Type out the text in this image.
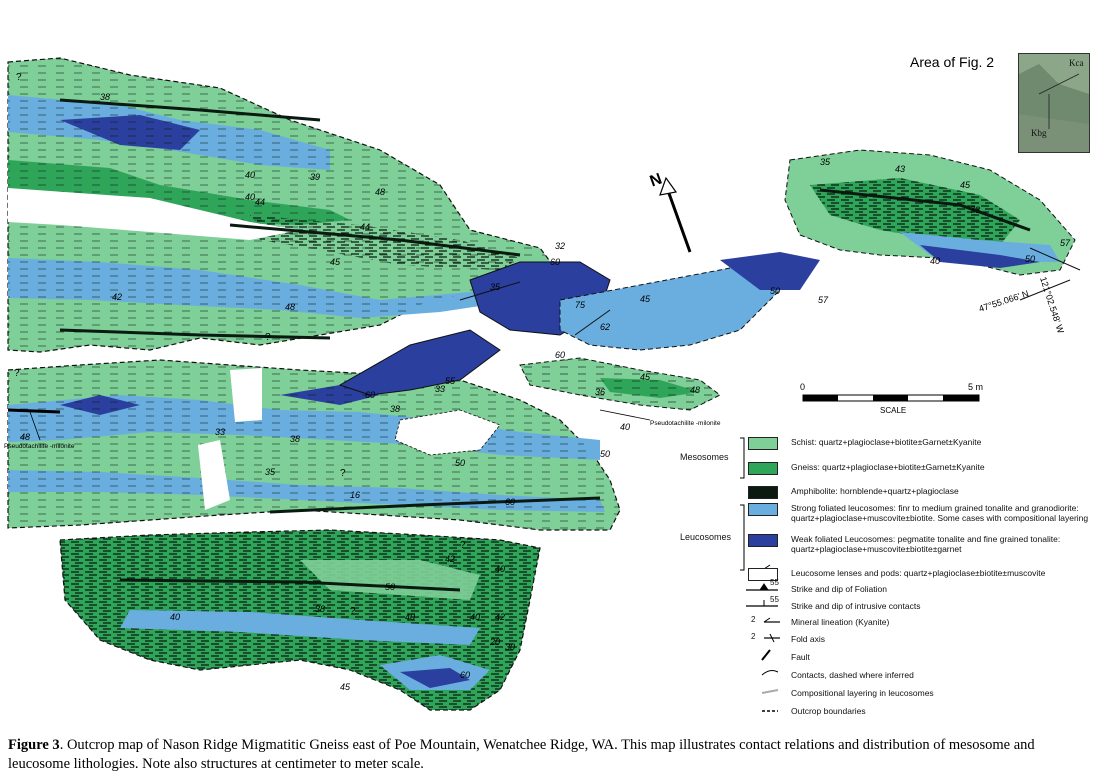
N
47°55.066' N 121°02.548' W
Pseudotachilite -milonite
Pseudotachilite -milonite
38
40	39
44
40	48
44
32
45
48
35
60
75
62
45
50
57
35
43
45
73
57
40	50
60
55
38
60
45
48
36
40
50
50
38
42
40
50
40
38
40	40 42
60
30
45
20
35
33
33
16
48
42
60
?
?
?
?
?
?
0	5 m
SCALE
Area of Fig. 2	Kca
Kbg
Mesosomes
Leucosomes
Schist: quartz+plagioclase+biotite±Garnet±Kyanite
Gneiss: quartz+plagioclase+biotite±Garnet±Kyanite
Amphibolite: hornblende+quartz+plagioclase
Strong foliated leucosomes: finr to medium grained tonalite and granodiorite: quartz+plagioclase+muscovite±biotite. Some cases with compositional layering
Weak foliated Leucosomes: pegmatite tonalite and fine grained tonalite: quartz+plagioclase+muscovite±biotite±garnet
Leucosome lenses and pods: quartz+plagioclase±biotite±muscovite
55
Strike and dip of Foliation
55
Strike and dip of intrusive contacts
2	Mineral lineation (Kyanite)
2	Fold axis
Fault
Contacts, dashed where inferred
Compositional layering in leucosomes
Outcrop boundaries
Figure 3. Outcrop map of Nason Ridge Migmatitic Gneiss east of Poe Mountain, Wenatchee Ridge, WA. This map illustrates contact relations and distribution of mesosome and leucosome lithologies. Note also structures at centimeter to meter scale.
